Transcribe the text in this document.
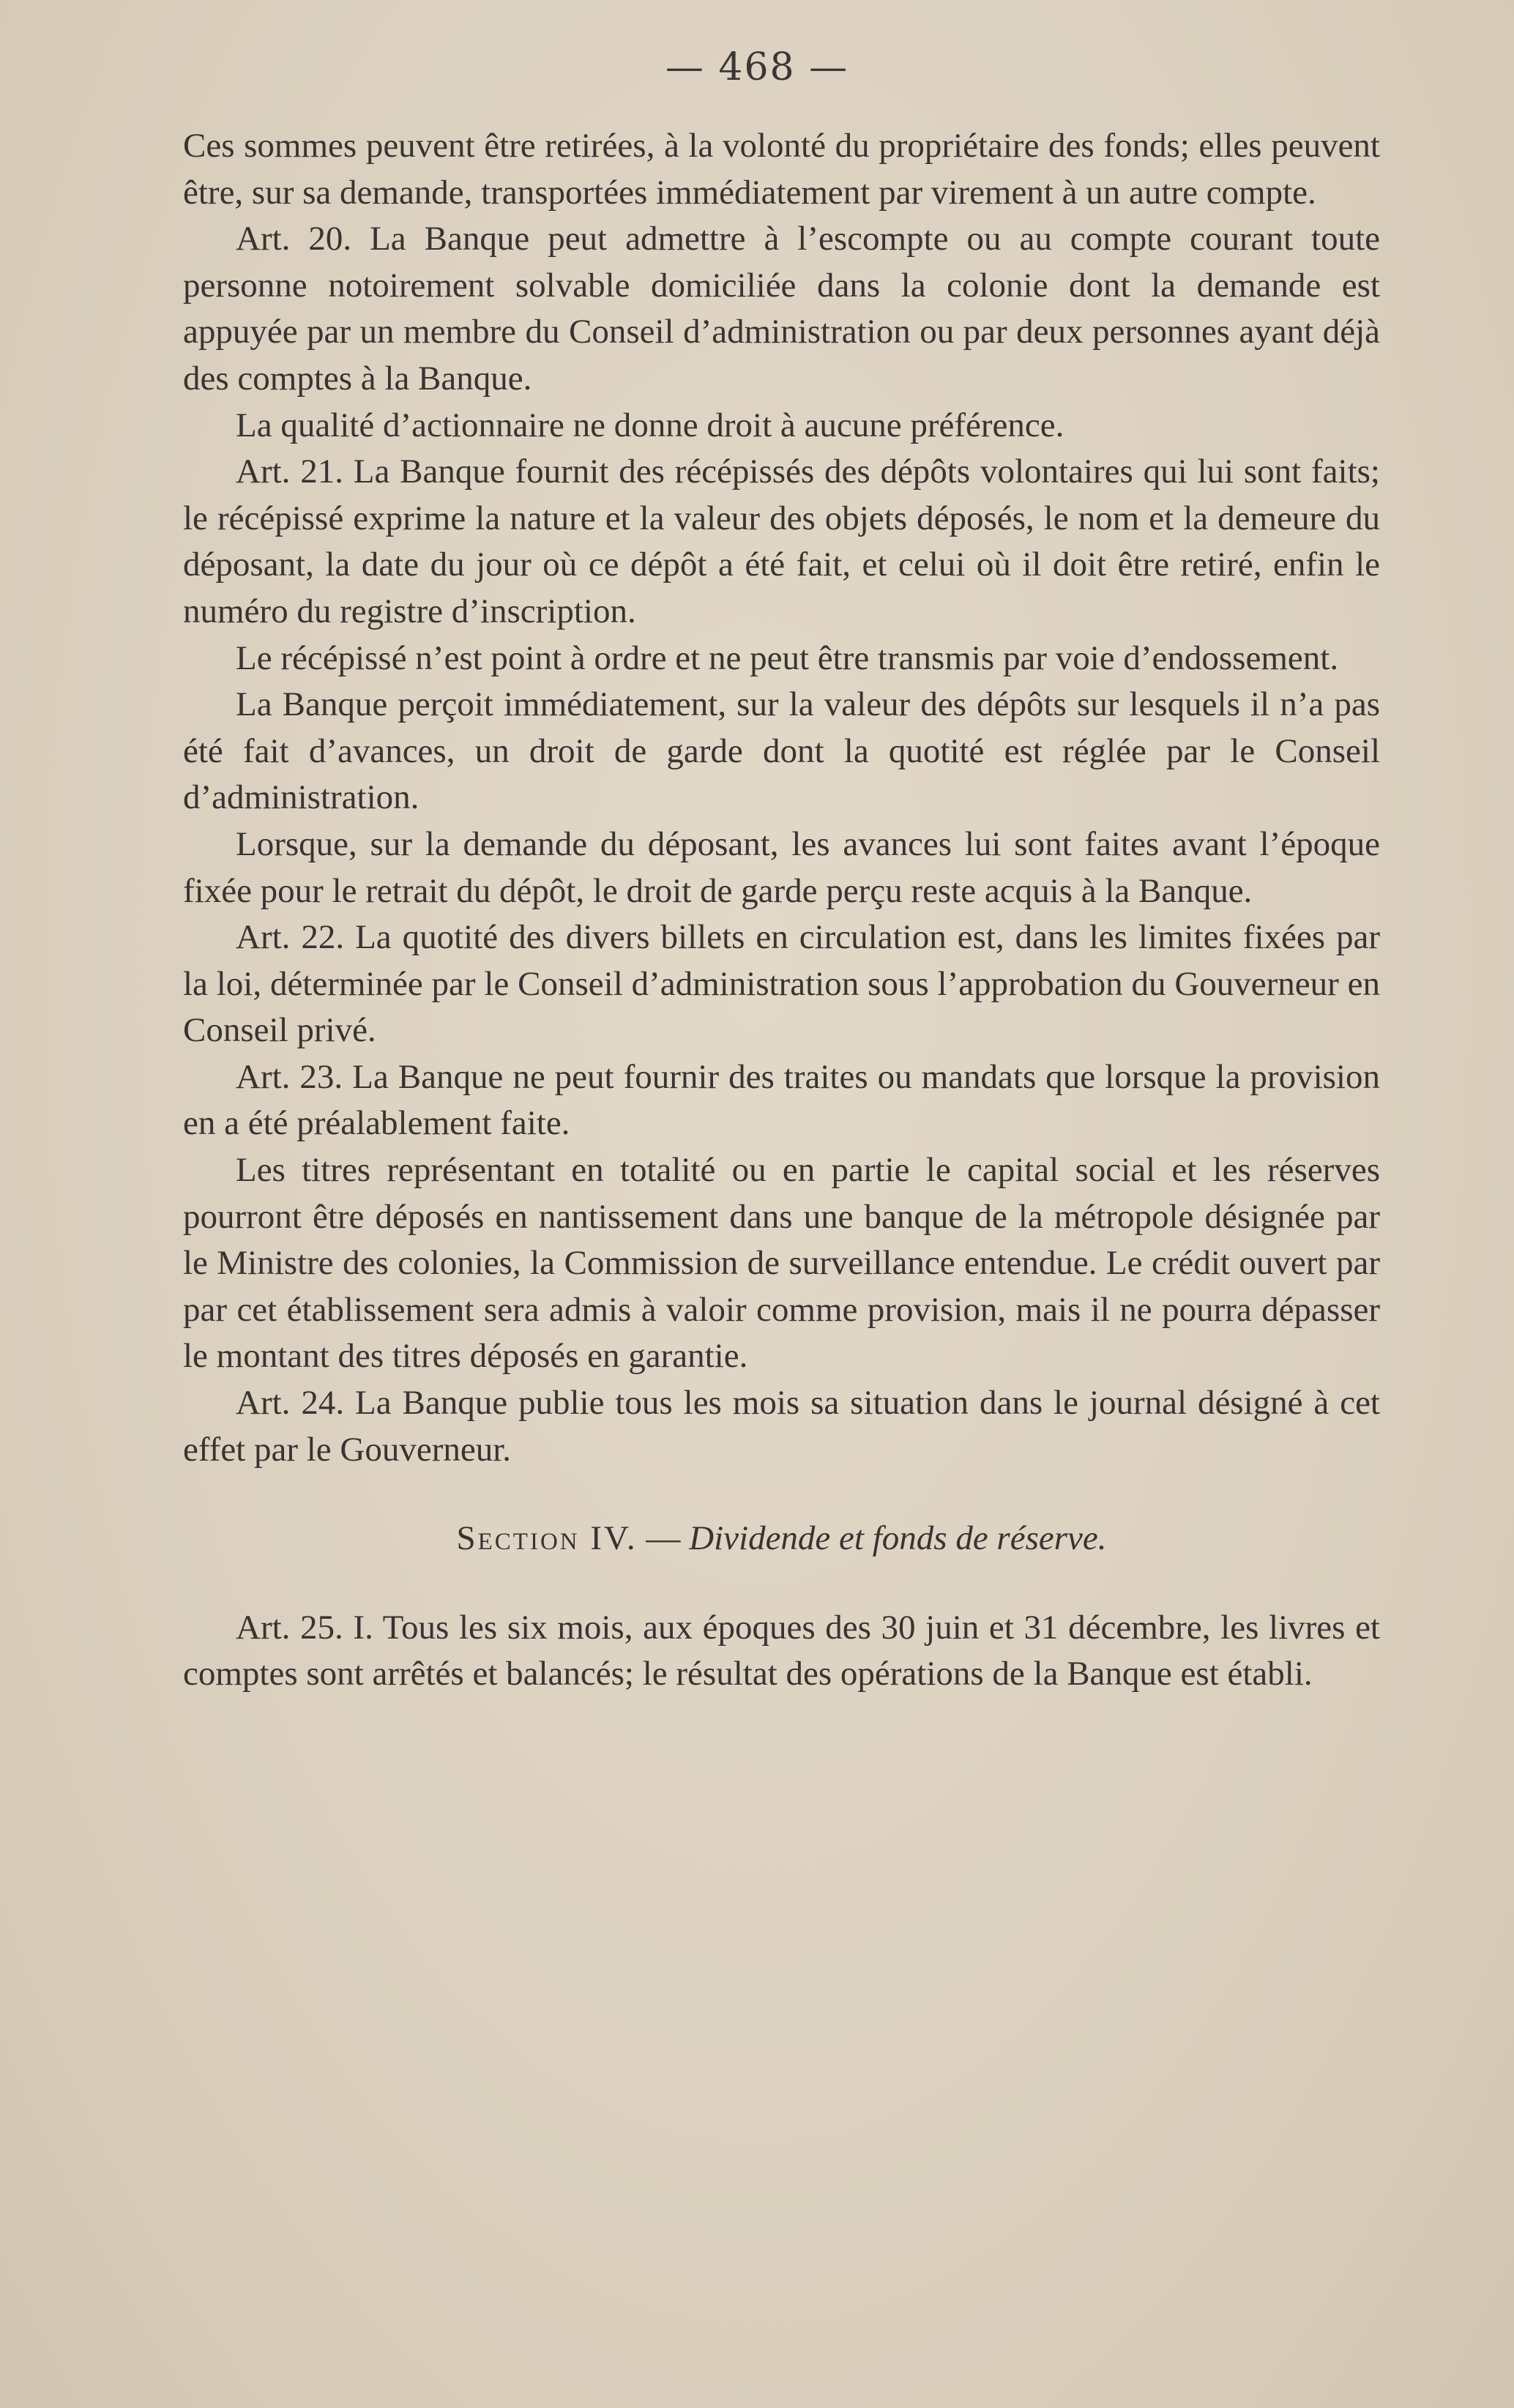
— 468 —

Ces sommes peuvent être retirées, à la volonté du propriétaire des fonds; elles peuvent être, sur sa demande, transportées immédiatement par virement à un autre compte.

Art. 20. La Banque peut admettre à l’escompte ou au compte courant toute personne notoirement solvable domiciliée dans la colonie dont la demande est appuyée par un membre du Conseil d’administration ou par deux personnes ayant déjà des comptes à la Banque.

La qualité d’actionnaire ne donne droit à aucune préférence.

Art. 21. La Banque fournit des récépissés des dépôts volontaires qui lui sont faits; le récépissé exprime la nature et la valeur des objets déposés, le nom et la demeure du déposant, la date du jour où ce dépôt a été fait, et celui où il doit être retiré, enfin le numéro du registre d’inscription.

Le récépissé n’est point à ordre et ne peut être transmis par voie d’endossement.

La Banque perçoit immédiatement, sur la valeur des dépôts sur lesquels il n’a pas été fait d’avances, un droit de garde dont la quotité est réglée par le Conseil d’administration.

Lorsque, sur la demande du déposant, les avances lui sont faites avant l’époque fixée pour le retrait du dépôt, le droit de garde perçu reste acquis à la Banque.

Art. 22. La quotité des divers billets en circulation est, dans les limites fixées par la loi, déterminée par le Conseil d’administration sous l’approbation du Gouverneur en Conseil privé.

Art. 23. La Banque ne peut fournir des traites ou mandats que lorsque la provision en a été préalablement faite.

Les titres représentant en totalité ou en partie le capital social et les réserves pourront être déposés en nantissement dans une banque de la métropole désignée par le Ministre des colonies, la Commission de surveillance entendue. Le crédit ouvert par par cet établissement sera admis à valoir comme provision, mais il ne pourra dépasser le montant des titres déposés en garantie.

Art. 24. La Banque publie tous les mois sa situation dans le journal désigné à cet effet par le Gouverneur.

Section IV. — Dividende et fonds de réserve.

Art. 25. I. Tous les six mois, aux époques des 30 juin et 31 décembre, les livres et comptes sont arrêtés et balancés; le résultat des opérations de la Banque est établi.
